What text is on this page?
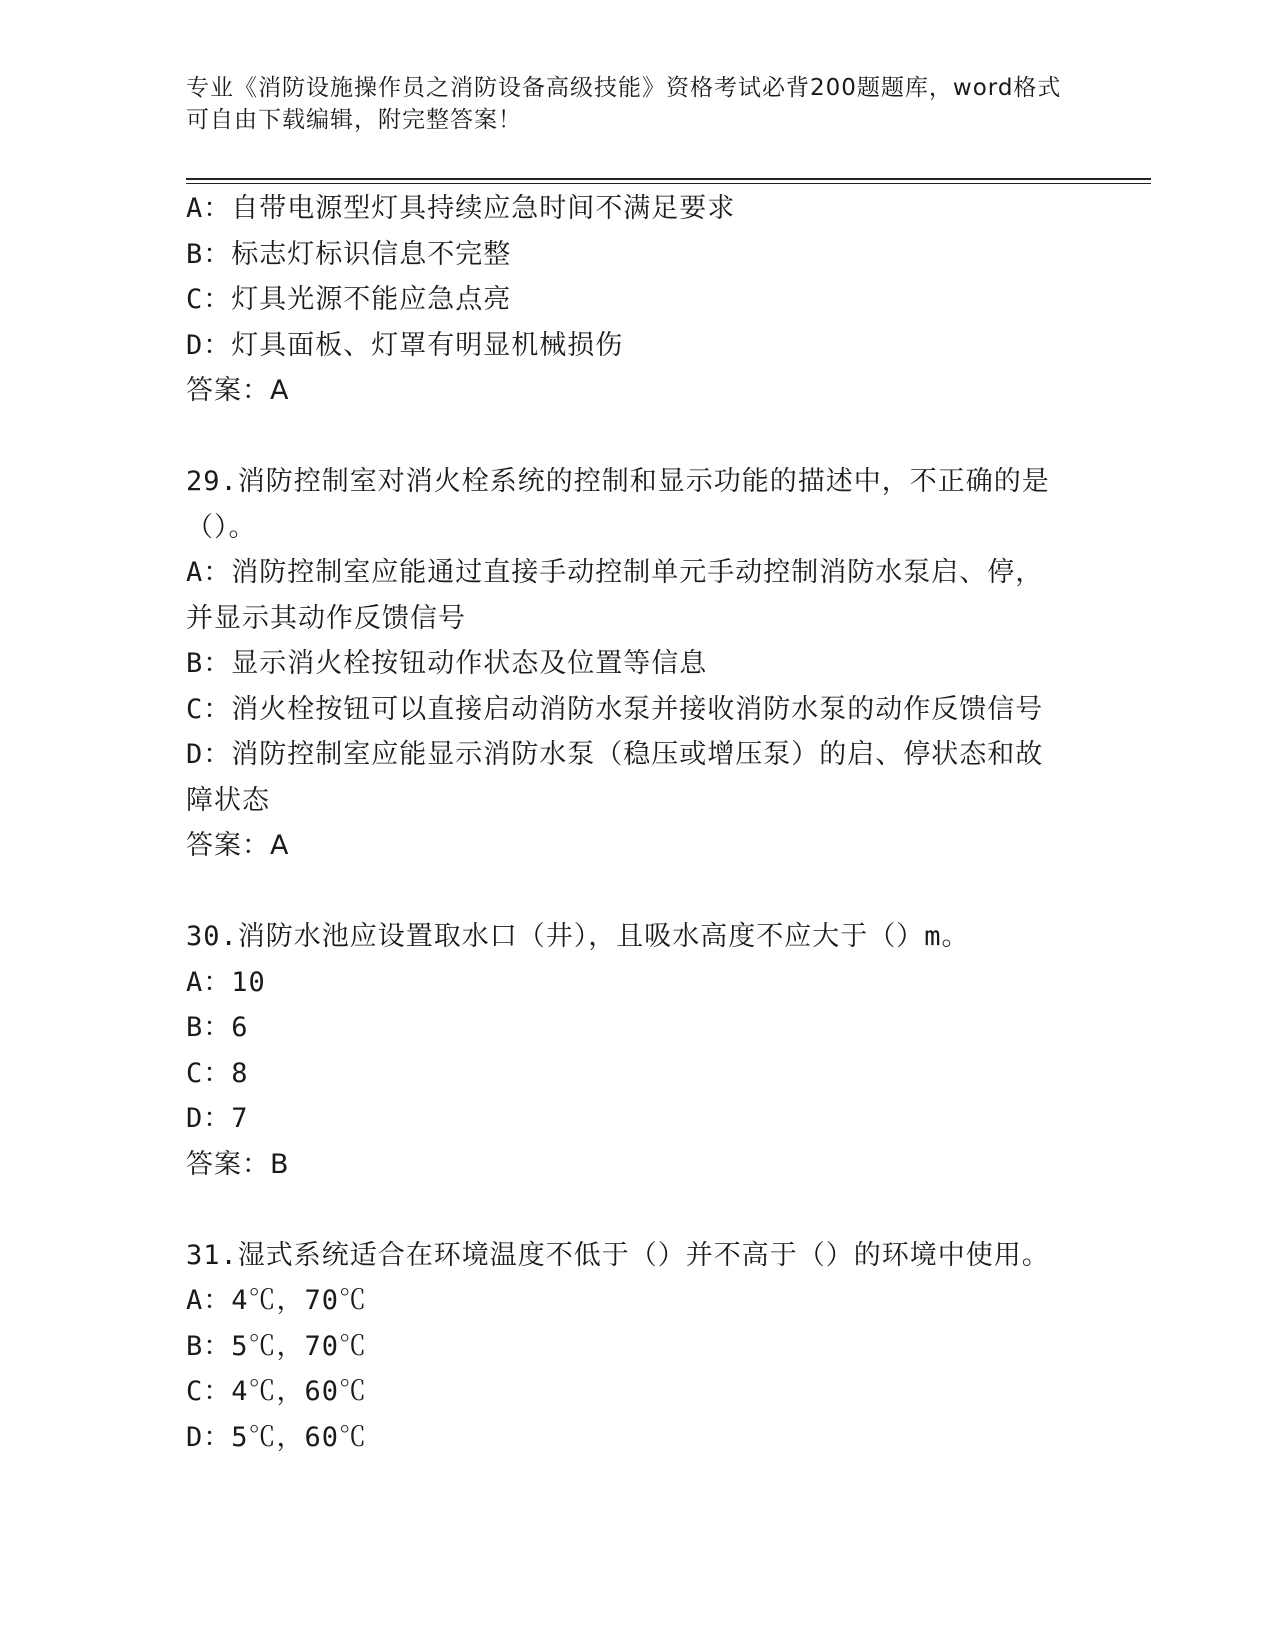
专业《消防设施操作员之消防设备高级技能》资格考试必背200题题库，word格式可自由下载编辑，附完整答案！

A：自带电源型灯具持续应急时间不满足要求

B：标志灯标识信息不完整

C：灯具光源不能应急点亮

D：灯具面板、灯罩有明显机械损伤

答案：A

29.消防控制室对消火栓系统的控制和显示功能的描述中，不正确的是

（）。

A：消防控制室应能通过直接手动控制单元手动控制消防水泵启、停，

并显示其动作反馈信号

B：显示消火栓按钮动作状态及位置等信息

C：消火栓按钮可以直接启动消防水泵并接收消防水泵的动作反馈信号

D：消防控制室应能显示消防水泵（稳压或增压泵）的启、停状态和故

障状态

答案：A

30.消防水池应设置取水口（井），且吸水高度不应大于（）m。

A：10

B：6

C：8

D：7

答案：B

31.湿式系统适合在环境温度不低于（）并不高于（）的环境中使用。

A：4℃，70℃

B：5℃，70℃

C：4℃，60℃

D：5℃，60℃
